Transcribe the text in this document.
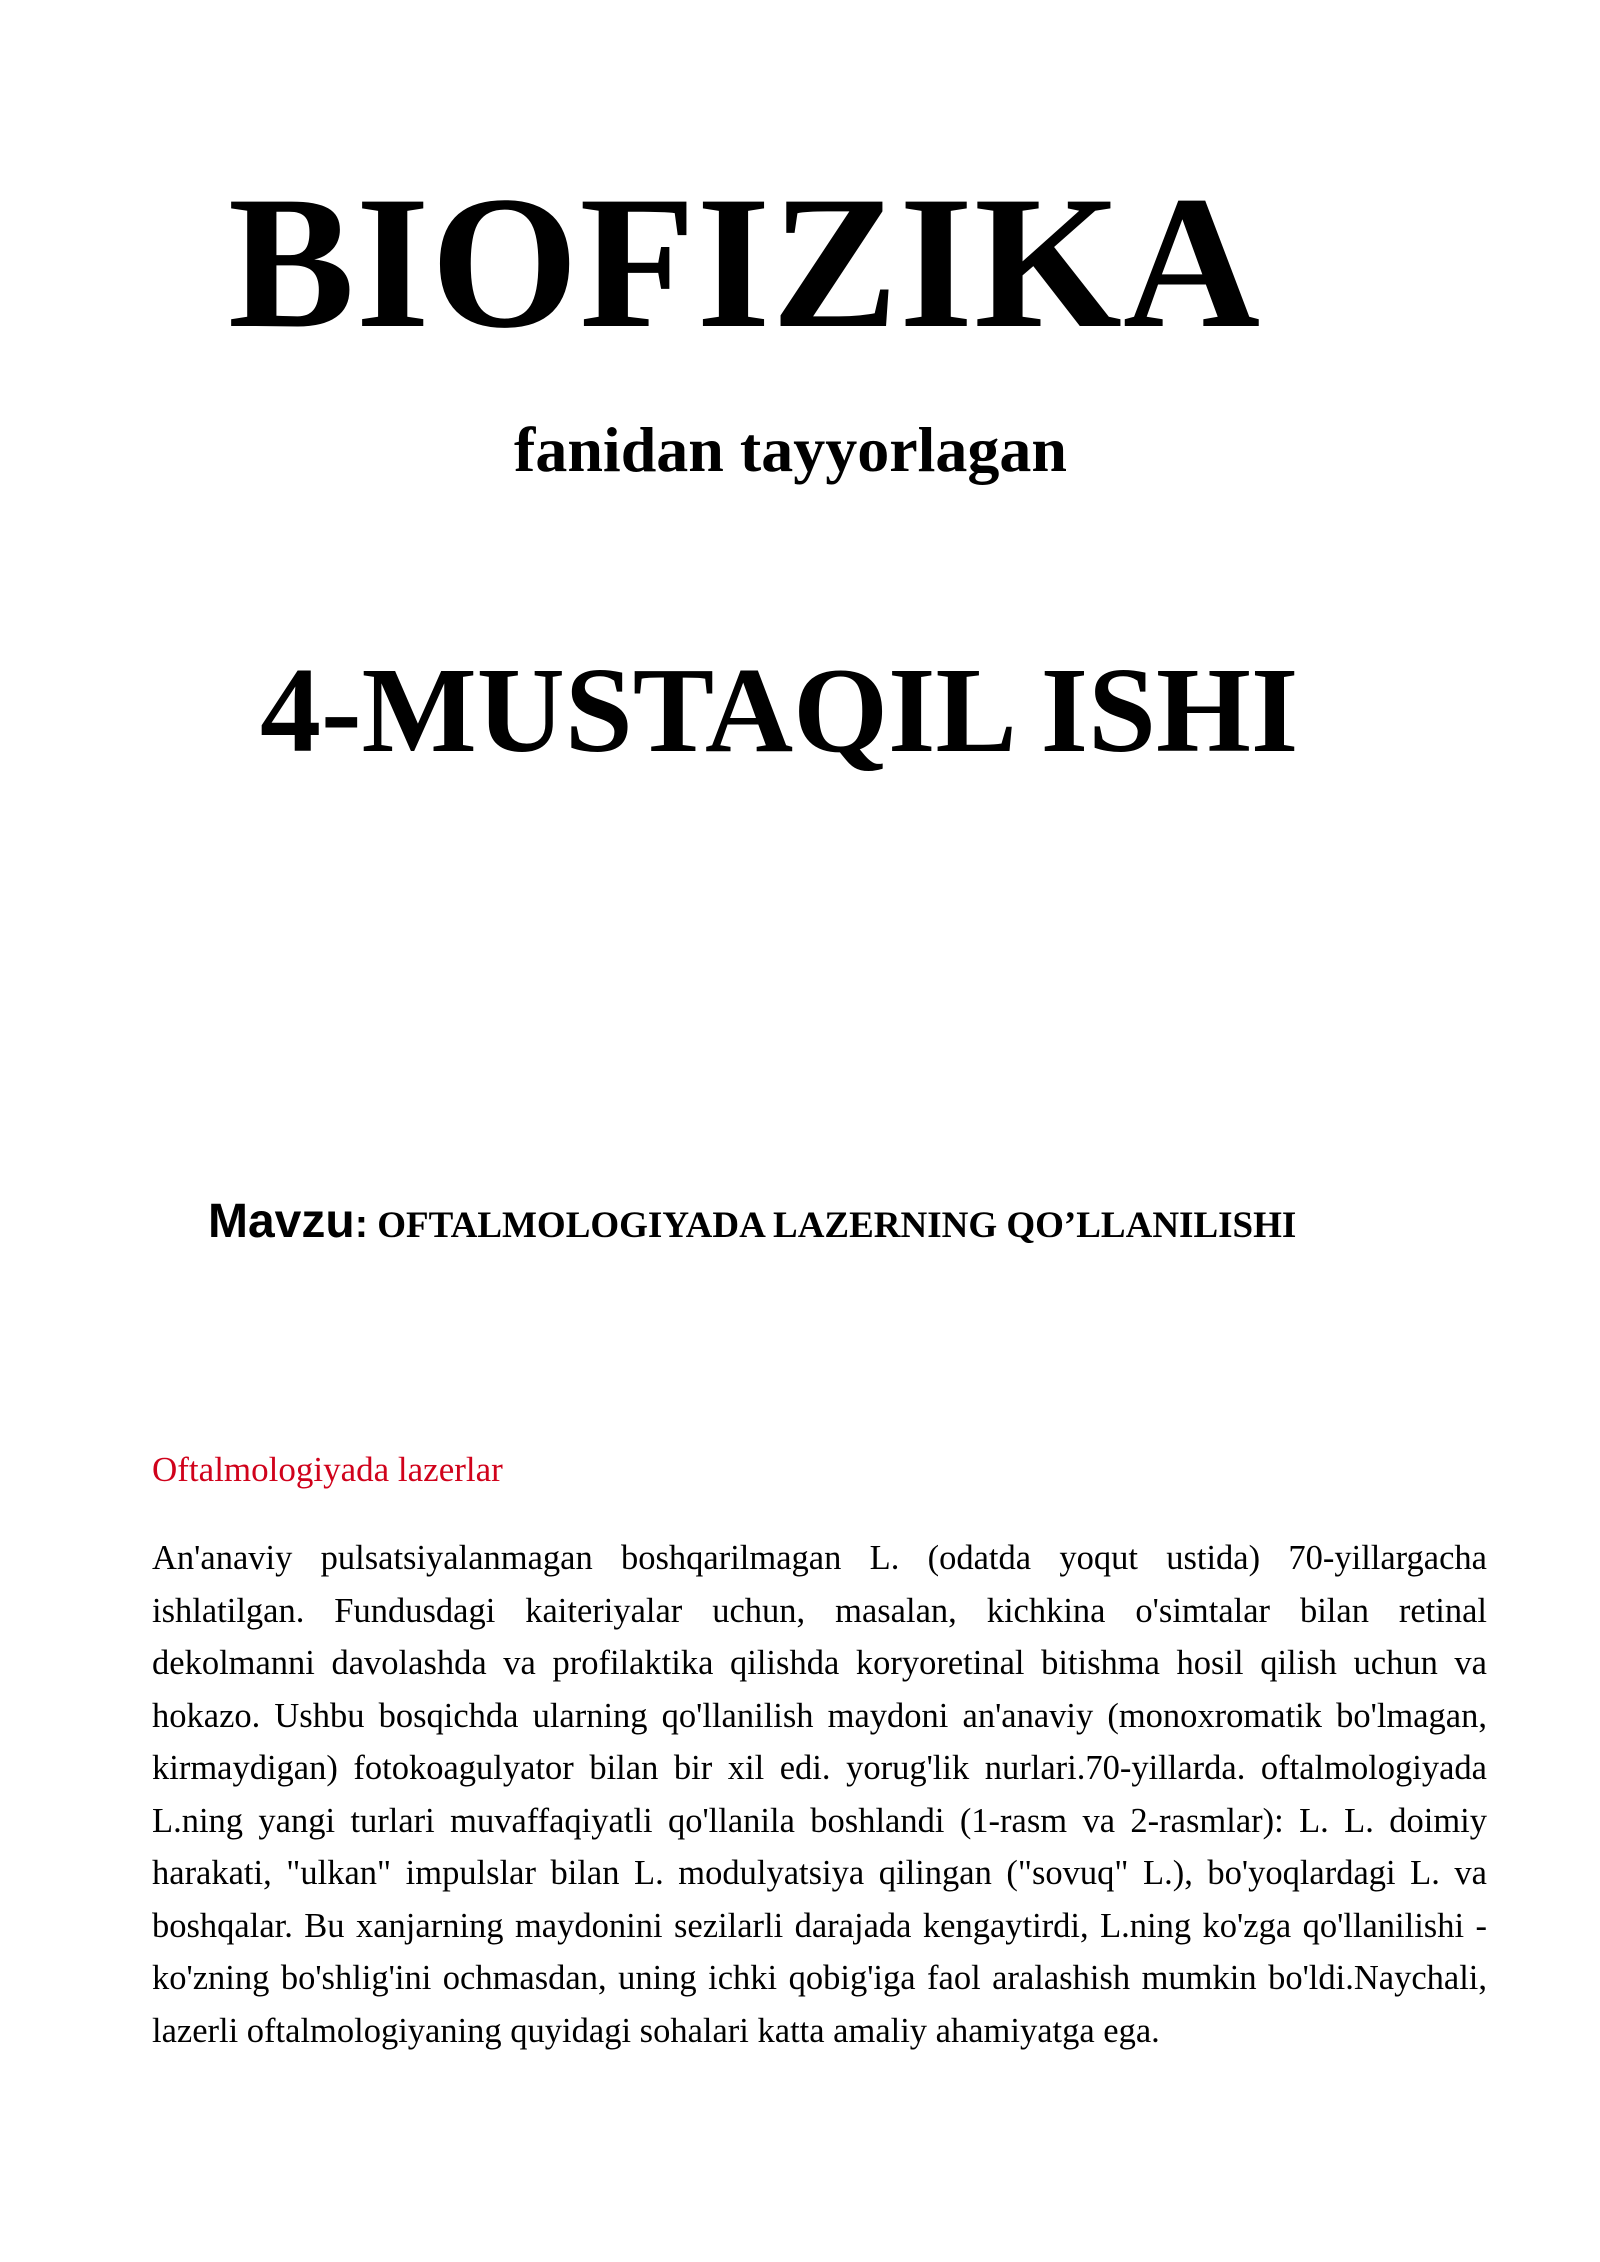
BIOFIZIKA
fanidan tayyorlagan
4-MUSTAQIL ISHI
Mavzu: OFTALMOLOGIYADA LAZERNING QO’LLANILISHI
Oftalmologiyada lazerlar

An'anaviy pulsatsiyalanmagan boshqarilmagan L. (odatda yoqut ustida) 70-yillargacha ishlatilgan. Fundusdagi kaiteriyalar uchun, masalan, kichkina o'simtalar bilan retinal dekolmanni davolashda va profilaktika qilishda koryoretinal bitishma hosil qilish uchun va hokazo. Ushbu bosqichda ularning qo'llanilish maydoni an'anaviy (monoxromatik bo'lmagan, kirmaydigan) fotokoagulyator bilan bir xil edi. yorug'lik nurlari.70-yillarda. oftalmologiyada L.ning yangi turlari muvaffaqiyatli qo'llanila boshlandi (1-rasm va 2-rasmlar): L. L. doimiy harakati, "ulkan" impulslar bilan L. modulyatsiya qilingan ("sovuq" L.), bo'yoqlardagi L. va boshqalar. Bu xanjarning maydonini sezilarli darajada kengaytirdi, L.ning ko'zga qo'llanilishi - ko'zning bo'shlig'ini ochmasdan, uning ichki qobig'iga faol aralashish mumkin bo'ldi.Naychali, lazerli oftalmologiyaning quyidagi sohalari katta amaliy ahamiyatga ega.
